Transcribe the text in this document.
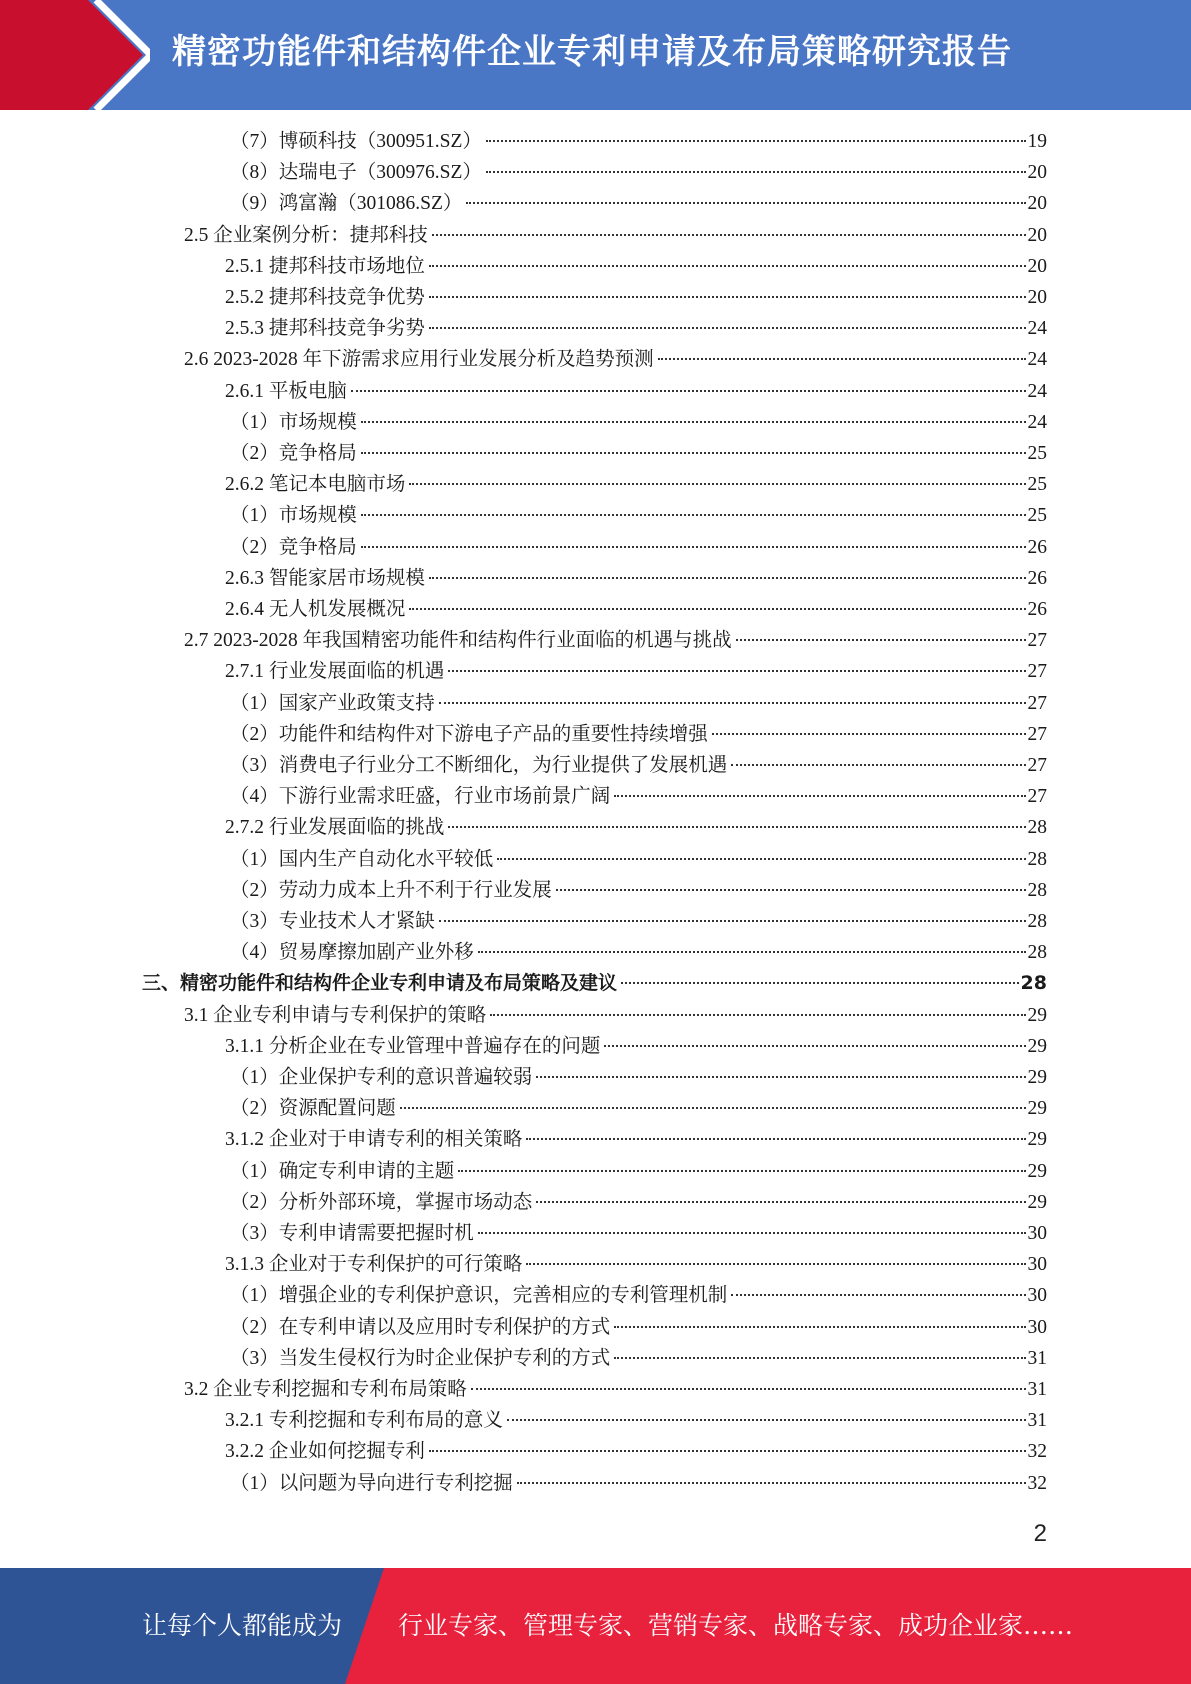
精密功能件和结构件企业专利申请及布局策略研究报告
（7）博硕科技（300951.SZ）	19
（8）达瑞电子（300976.SZ）	20
（9）鸿富瀚（301086.SZ）	20
2.5 企业案例分析：捷邦科技	20
2.5.1 捷邦科技市场地位	20
2.5.2 捷邦科技竞争优势	20
2.5.3 捷邦科技竞争劣势	24
2.6 2023-2028 年下游需求应用行业发展分析及趋势预测	24
2.6.1 平板电脑	24
（1）市场规模	24
（2）竞争格局	25
2.6.2 笔记本电脑市场	25
（1）市场规模	25
（2）竞争格局	26
2.6.3 智能家居市场规模	26
2.6.4 无人机发展概况	26
2.7 2023-2028 年我国精密功能件和结构件行业面临的机遇与挑战	27
2.7.1 行业发展面临的机遇	27
（1）国家产业政策支持	27
（2）功能件和结构件对下游电子产品的重要性持续增强	27
（3）消费电子行业分工不断细化，为行业提供了发展机遇	27
（4）下游行业需求旺盛，行业市场前景广阔	27
2.7.2 行业发展面临的挑战	28
（1）国内生产自动化水平较低	28
（2）劳动力成本上升不利于行业发展	28
（3）专业技术人才紧缺	28
（4）贸易摩擦加剧产业外移	28
三、精密功能件和结构件企业专利申请及布局策略及建议	28
3.1 企业专利申请与专利保护的策略	29
3.1.1 分析企业在专业管理中普遍存在的问题	29
（1）企业保护专利的意识普遍较弱	29
（2）资源配置问题	29
3.1.2 企业对于申请专利的相关策略	29
（1）确定专利申请的主题	29
（2）分析外部环境，掌握市场动态	29
（3）专利申请需要把握时机	30
3.1.3 企业对于专利保护的可行策略	30
（1）增强企业的专利保护意识，完善相应的专利管理机制	30
（2）在专利申请以及应用时专利保护的方式	30
（3）当发生侵权行为时企业保护专利的方式	31
3.2 企业专利挖掘和专利布局策略	31
3.2.1 专利挖掘和专利布局的意义	31
3.2.2 企业如何挖掘专利	32
（1）以问题为导向进行专利挖掘	32
2
让每个人都能成为 行业专家、管理专家、营销专家、战略专家、成功企业家……
